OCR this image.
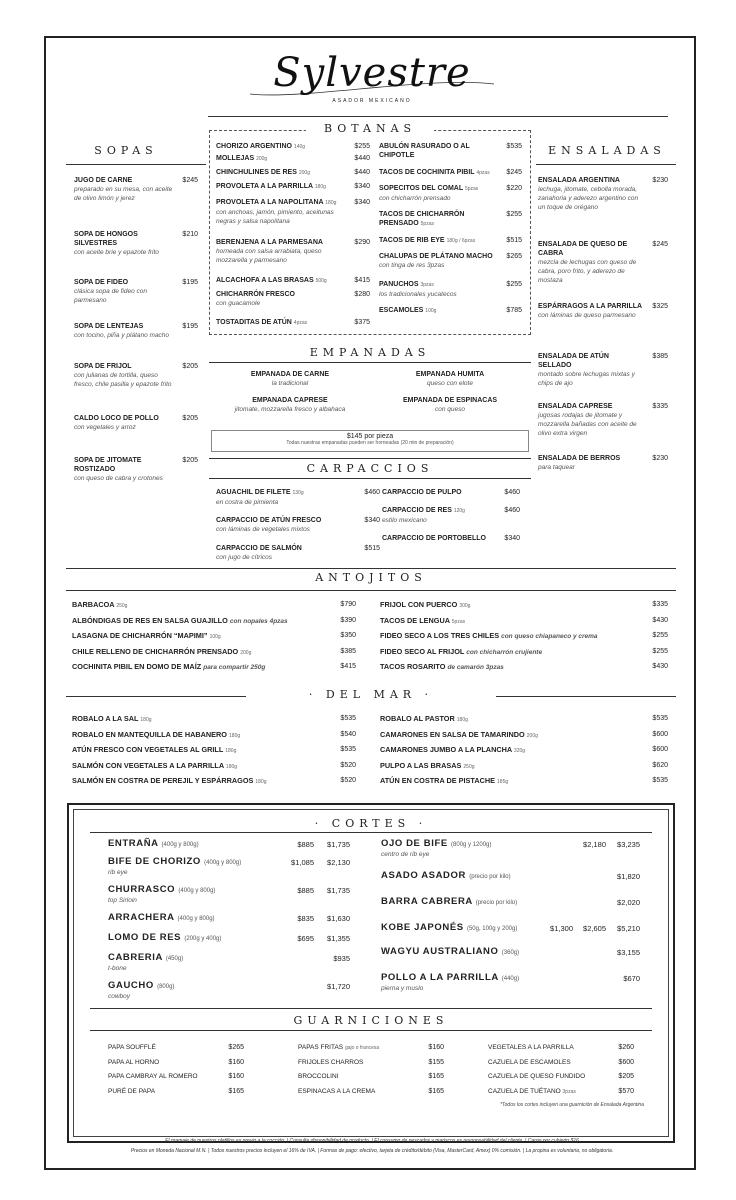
Sylvestre
ASADOR MEXICANO
SOPAS
JUGO DE CARNE
preparado en su mesa, con aceite de olivo limón y jerez
$245
SOPA DE HONGOS SILVESTRES
con aceite brie y epazote frito
$210
SOPA DE FIDEO
clásica sopa de fideo con parmesano
$195
SOPA DE LENTEJAS
con tocino, piña y plátano macho
$195
SOPA DE FRIJOL
con julianas de tortilla, queso fresco, chile pasilla y epazote frito
$205
CALDO LOCO DE POLLO
con vegetales y arroz
$205
SOPA DE JITOMATE ROSTIZADO
con queso de cabra y crotones
$205
BOTANAS
CHORIZO ARGENTINO 140g	$255
MOLLEJAS 200g	$440
CHINCHULINES DE RES 200g	$440
PROVOLETA A LA PARRILLA 180g	$340
PROVOLETA A LA NAPOLITANA 180g
con anchoas, jamón, pimiento, aceitunas negras y salsa napolitana
$340
BERENJENA A LA PARMESANA
horneada con salsa arrabiata, queso mozzarella y parmesano
$290
ALCACHOFA A LAS BRASAS 500g	$415
CHICHARRÓN FRESCO
con guacamole
$280
TOSTADITAS DE ATÚN 4pzas	$375
ABULÓN RASURADO O AL CHIPOTLE
$535
TACOS DE COCHINITA PIBIL 4pzas	$245
SOPECITOS DEL COMAL 5pzas
con chicharrón prensado
$220
TACOS DE CHICHARRÓN PRENSADO 5pzas
$255
TACOS DE RIB EYE 180g / 6pzas	$515
CHALUPAS DE PLÁTANO MACHO
con tinga de res 3pzas
$265
PANUCHOS 3pzas
los tradicionales yucatecos
$255
ESCAMOLES 100g	$785
ENSALADAS
ENSALADA ARGENTINA
lechuga, jitomate, cebolla morada, zanahoria y aderezo argentino con un toque de orégano
$230
ENSALADA DE QUESO DE CABRA
mezcla de lechugas con queso de cabra, poro frito, y aderezo de mostaza
$245
ESPÁRRAGOS A LA PARRILLA
con láminas de queso parmesano
$325
ENSALADA DE ATÚN SELLADO
montado sobre lechugas mixtas y chips de ajo
$385
ENSALADA CAPRESE
jugosas rodajas de jitomate y mozzarella bañadas con aceite de olivo extra virgen
$335
ENSALADA DE BERROS
para taquear
$230
EMPANADAS
EMPANADA DE CARNE
la tradicional
EMPANADA HUMITA
queso con elote
EMPANADA CAPRESE
jitomate, mozzarella fresco y albahaca
EMPANADA DE ESPINACAS
con queso
$145 por pieza
Todas nuestras empanadas pueden ser horneadas (20 min de preparación)
CARPACCIOS
AGUACHIL DE FILETE 130g
en costra de pimienta
$460
CARPACCIO DE ATÚN FRESCO
con láminas de vegetales mixtos
$340
CARPACCIO DE SALMÓN
con jugo de cítricos
$515
CARPACCIO DE PULPO	$460
CARPACCIO DE RES 120g
estilo mexicano
$460
CARPACCIO DE PORTOBELLO	$340
ANTOJITOS
BARBACOA 250g	$790
ALBÓNDIGAS DE RES EN SALSA GUAJILLO con nopales 4pzas	$390
LASAGNA DE CHICHARRÓN “MAPIMI” 100g	$350
CHILE RELLENO DE CHICHARRÓN PRENSADO 200g	$385
COCHINITA PIBIL EN DOMO DE MAÍZ para compartir 250g	$415
FRIJOL CON PUERCO 300g	$335
TACOS DE LENGUA 5pzas	$430
FIDEO SECO A LOS TRES CHILES con queso chiapaneco y crema	$255
FIDEO SECO AL FRIJOL con chicharrón crujiente	$255
TACOS ROSARITO de camarón 3pzas	$430
· DEL MAR ·
ROBALO A LA SAL 180g	$535
ROBALO EN MANTEQUILLA DE HABANERO 180g	$540
ATÚN FRESCO CON VEGETALES AL GRILL 180g	$535
SALMÓN CON VEGETALES A LA PARRILLA 180g	$520
SALMÓN EN COSTRA DE PEREJIL Y ESPÁRRAGOS 180g	$520
ROBALO AL PASTOR 180g	$535
CAMARONES EN SALSA DE TAMARINDO 200g	$600
CAMARONES JUMBO A LA PLANCHA 320g	$600
PULPO A LAS BRASAS 250g	$620
ATÚN EN COSTRA DE PISTACHE 185g	$535
· CORTES ·
ENTRAÑA (400g y 800g)	$885	$1,735
BIFE DE CHORIZO (400g y 800g)
rib eye
$1,085	$2,130
CHURRASCO (400g y 800g)
top Sirloin
$885	$1,735
ARRACHERA (400g y 800g)	$835	$1,630
LOMO DE RES (200g y 400g)	$695	$1,355
CABRERIA (450g)
t-bone
$935
GAUCHO (800g)
cowboy
$1,720
OJO DE BIFE (800g y 1200g)
centro de rib eye
$2,180	$3,235
ASADO ASADOR (precio por kilo)	$1,820
BARRA CABRERA (precio por kilo)	$2,020
KOBE JAPONÉS (50g, 100g y 200g)	$1,300	$2,605	$5,210
WAGYU AUSTRALIANO (360g)	$3,155
POLLO A LA PARRILLA (440g)
pierna y muslo
$670
GUARNICIONES
PAPA SOUFFLÉ	$265
PAPA AL HORNO	$160
PAPA CAMBRAY AL ROMERO	$160
PURÉ DE PAPA	$165
PAPAS FRITAS gajo o francesa	$160
FRIJOLES CHARROS	$155
BROCCOLINI	$165
ESPINACAS A LA CREMA	$165
VEGETALES A LA PARRILLA	$260
CAZUELA DE ESCAMOLES	$600
CAZUELA DE QUESO FUNDIDO	$205
CAZUELA DE TUÉTANO 3pzas	$570
*Todos los cortes incluyen una guarnición de Ensalada Argentina
El gramaje de nuestros platillos es previo a la cocción. | Consulta disponibilidad de producto. | El consumo de pescados y mariscos es responsabilidad del cliente. | Cargo por cubierto $16
Precios en Moneda Nacional M.N. | Todos nuestros precios incluyen el 16% de IVA. | Formas de pago: efectivo, tarjeta de crédito/débito (Visa, MasterCard, Amex) 0% comisión. | La propina es voluntaria, no obligatoria.
